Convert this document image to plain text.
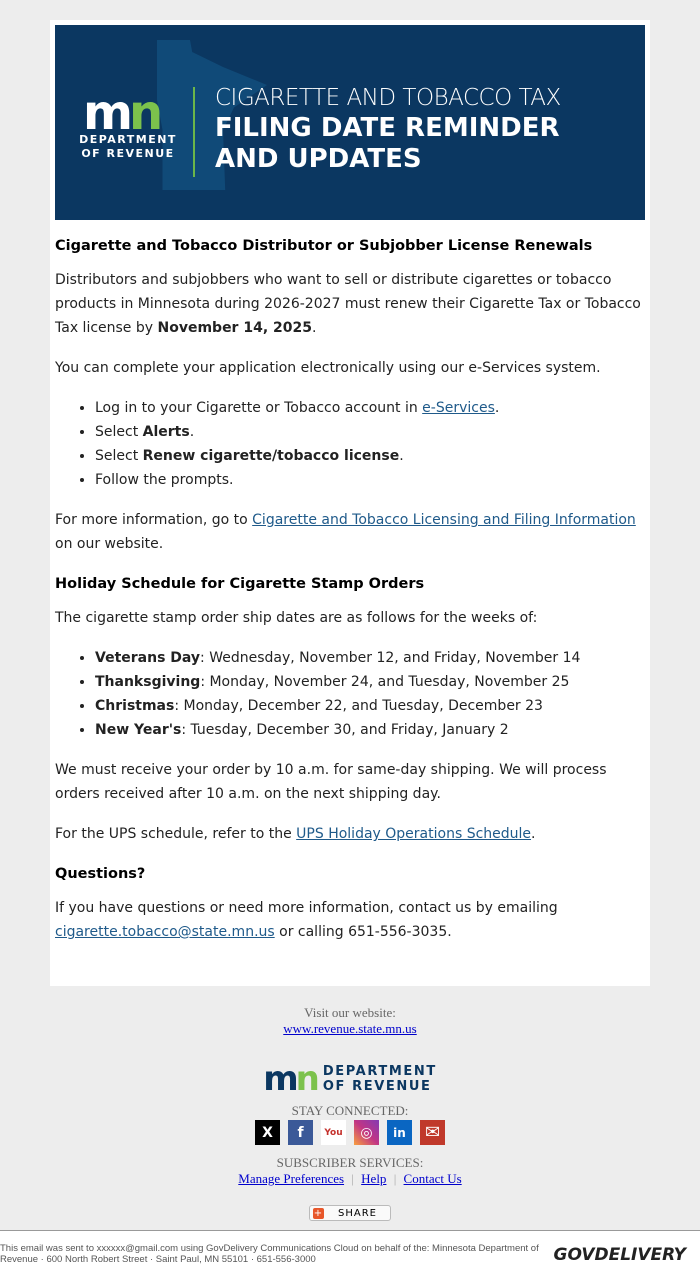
mn
DEPARTMENT
OF REVENUE
CIGARETTE AND TOBACCO TAX
FILING DATE REMINDER
AND UPDATES
Cigarette and Tobacco Distributor or Subjobber License Renewals

Distributors and subjobbers who want to sell or distribute cigarettes or tobacco products in Minnesota during 2026-2027 must renew their Cigarette Tax or Tobacco Tax license by November 14, 2025.

You can complete your application electronically using our e-Services system.

• Log in to your Cigarette or Tobacco account in e-Services.
• Select Alerts.
• Select Renew cigarette/tobacco license.
• Follow the prompts.

For more information, go to Cigarette and Tobacco Licensing and Filing Information on our website.

Holiday Schedule for Cigarette Stamp Orders

The cigarette stamp order ship dates are as follows for the weeks of:

• Veterans Day: Wednesday, November 12, and Friday, November 14
• Thanksgiving: Monday, November 24, and Tuesday, November 25
• Christmas: Monday, December 22, and Tuesday, December 23
• New Year's: Tuesday, December 30, and Friday, January 2

We must receive your order by 10 a.m. for same-day shipping. We will process orders received after 10 a.m. on the next shipping day.

For the UPS schedule, refer to the UPS Holiday Operations Schedule.

Questions?

If you have questions or need more information, contact us by emailing cigarette.tobacco@state.mn.us or calling 651-556-3035.

Visit our website:
www.revenue.state.mn.us
mn DEPARTMENT
OF REVENUE
STAY CONNECTED:
X	f	You	◎	in	✉
SUBSCRIBER SERVICES:
Manage Preferences | Help | Contact Us
+ SHARE
This email was sent to xxxxxx@gmail.com using GovDelivery Communications Cloud on behalf of the: Minnesota Department of Revenue · 600 North Robert Street · Saint Paul, MN 55101 · 651-556-3000	GOVDELIVERY
